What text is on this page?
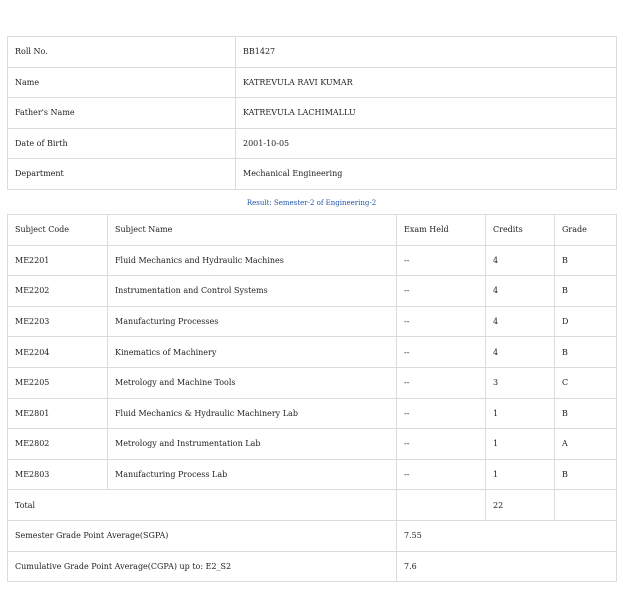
Roll No.	BB1427
Name	KATREVULA RAVI KUMAR
Father's Name	KATREVULA LACHIMALLU
Date of Birth	2001-10-05
Department	Mechanical Engineering
Result: Semester-2 of Engineering-2
Subject Code	Subject Name	Exam Held	Credits	Grade
ME2201	Fluid Mechanics and Hydraulic Machines	--	4	B
ME2202	Instrumentation and Control Systems	--	4	B
ME2203	Manufacturing Processes	--	4	D
ME2204	Kinematics of Machinery	--	4	B
ME2205	Metrology and Machine Tools	--	3	C
ME2801	Fluid Mechanics & Hydraulic Machinery Lab	--	1	B
ME2802	Metrology and Instrumentation Lab	--	1	A
ME2803	Manufacturing Process Lab	--	1	B
Total			22	
Semester Grade Point Average(SGPA)		7.55		
Cumulative Grade Point Average(CGPA) up to: E2_S2		7.6		
